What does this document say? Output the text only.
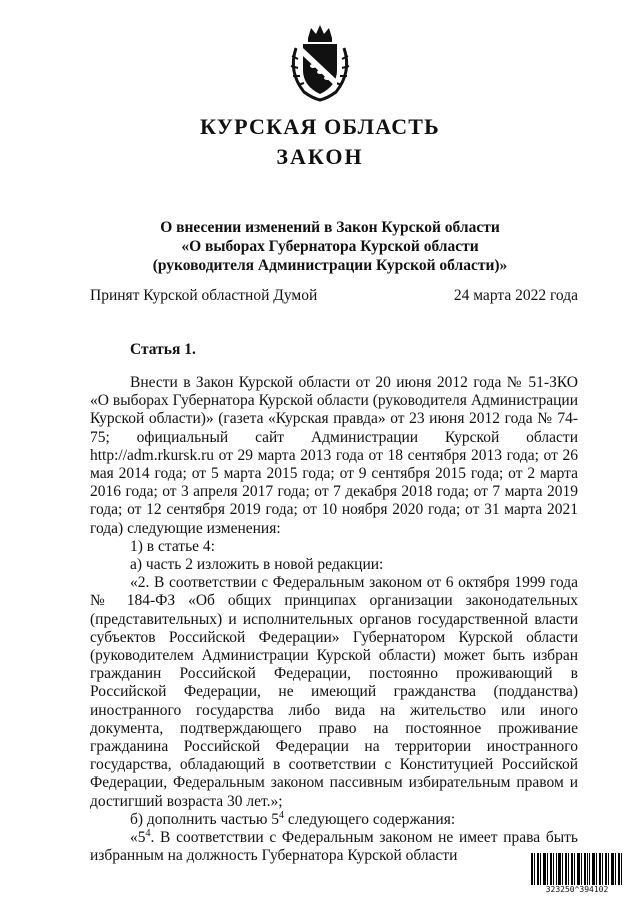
КУРСКАЯ ОБЛАСТЬ
ЗАКОН
О внесении изменений в Закон Курской области
«О выборах Губернатора Курской области
(руководителя Администрации Курской области)»
Принят Курской областной Думой	24 марта 2022 года
Статья 1.

Внести в Закон Курской области от 20 июня 2012 года № 51-ЗКО «О выборах Губернатора Курской области (руководителя Администрации Курской области)» (газета «Курская правда» от 23 июня 2012 года № 74-75; официальный сайт Администрации Курской области http://adm.rkursk.ru от 29 марта 2013 года от 18 сентября 2013 года; от 26 мая 2014 года; от 5 марта 2015 года; от 9 сентября 2015 года; от 2 марта 2016 года; от 3 апреля 2017 года; от 7 декабря 2018 года; от 7 марта 2019 года; от 12 сентября 2019 года; от 10 ноября 2020 года; от 31 марта 2021 года) следующие изменения:

1) в статье 4:

а) часть 2 изложить в новой редакции:

«2. В соответствии с Федеральным законом от 6 октября 1999 года № 184-ФЗ «Об общих принципах организации законодательных (представительных) и исполнительных органов государственной власти субъектов Российской Федерации» Губернатором Курской области (руководителем Администрации Курской области) может быть избран гражданин Российской Федерации, постоянно проживающий в Российской Федерации, не имеющий гражданства (подданства) иностранного государства либо вида на жительство или иного документа, подтверждающего право на постоянное проживание гражданина Российской Федерации на территории иностранного государства, обладающий в соответствии с Конституцией Российской Федерации, Федеральным законом пассивным избирательным правом и достигший возраста 30 лет.»;

б) дополнить частью $5^4$ следующего содержания:

«$5^4$. В соответствии с Федеральным законом не имеет права быть избранным на должность Губернатора Курской области

323250^394102
